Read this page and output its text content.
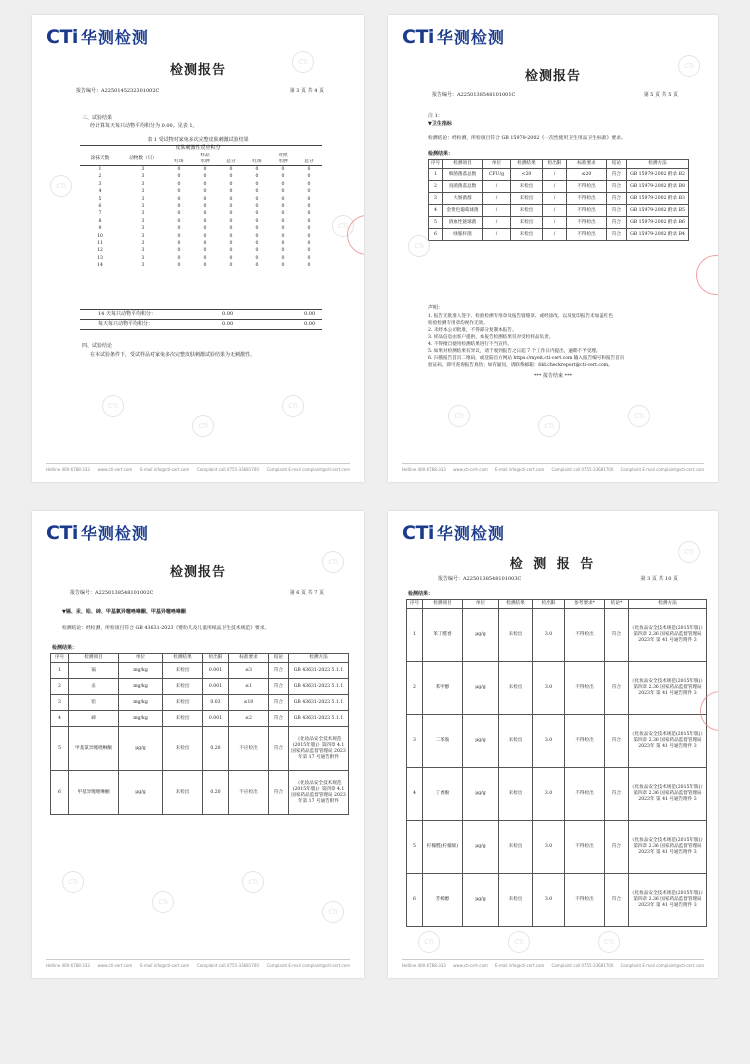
CTi 华测检测
检测报告
报告编号：A2250145232301002C	第 3 页 共 4 页
三、试验结果
经计算每天每只动物平均积分为 0.00。见表 1。
表 1 受试物对家兔多次完整皮肤刺激试验结果
皮肤刺激性反应积分
涂抹天数	动物数（只）	样品			对照		
		红斑	水肿	总分	红斑	水肿	总分
1	3	0	0	0	0	0	0
2	3	0	0	0	0	0	0
3	3	0	0	0	0	0	0
4	3	0	0	0	0	0	0
5	3	0	0	0	0	0	0
6	3	0	0	0	0	0	0
7	3	0	0	0	0	0	0
8	3	0	0	0	0	0	0
9	3	0	0	0	0	0	0
10	3	0	0	0	0	0	0
11	3	0	0	0	0	0	0
12	3	0	0	0	0	0	0
13	3	0	0	0	0	0	0
14	3	0	0	0	0	0	0
14 天每只动物平均积分：	0.00	0.00
每天每只动物平均积分：	0.00	0.00
四、试验结论
在本试验条件下，受试样品对家兔多次完整皮肤刺激试验结果为无刺激性。
CTI
CTI
CTI
CTI
CTI
CTI
Hotline 400-6788-333 www.cti-cert.com E-mail info@cti-cert.com Complaint call 0755-33681700 Complaint E-mail complaint@cti-cert.com
CTi 华测检测
检测报告
报告编号：A2250138548101001C	第 5 页 共 5 页
注 1：
▼卫生指标
检测结论：经检测，所检项目符合 GB 15979-2002《一次性使用卫生用品卫生标准》要求。
检测结果：
序号	检测项目	单位	检测结果	检出限	标准要求	结论	检测方法
1	细菌菌落总数	CFU/g	<20	/	≤20	符合	GB 15979-2002 附录 B2
2	真菌菌落总数	/	未检出	/	不得检出	符合	GB 15979-2002 附录 B8
3	大肠菌群	/	未检出	/	不得检出	符合	GB 15979-2002 附录 B3
4	金黄色葡萄球菌	/	未检出	/	不得检出	符合	GB 15979-2002 附录 B5
5	溶血性链球菌	/	未检出	/	不得检出	符合	GB 15979-2002 附录 B6
6	绿脓杆菌	/	未检出	/	不得检出	符合	GB 15979-2002 附录 B4
声明：
1. 报告无批准人签字、检验检测专用章及报告骑缝章、或经涂改，以及复印报告未加盖红色
检验检测专用章均视作无效。
2. 未经本公司批准，不得部分复制本报告。
3. 样品信息由客户提供，本报告检测结果仅对受检样品负责。
4. 不得擅自使用检测结果进行不当宣传。
5. 如果对检测结果有异议，请于收到报告之日起 7 个工作日内提出，逾期不予受理。
6. 扫描报告首页二维码，或登陆官方网站 https://myeit.cti-cert.com 输入报告编号和报告首页
验证码，即可查询报告真伪；如有疑问，请联系邮箱：fdd.checkreport@cti-cert.com。
*** 报告结束 ***
CTI
CTI
CTI
CTI
CTI
Hotline 400-6788-333 www.cti-cert.com E-mail info@cti-cert.com Complaint call 0755-33681700 Complaint E-mail complaint@cti-cert.com
CTi 华测检测
检测报告
报告编号：A2250138548101002C	第 6 页 共 7 页
▼镉、汞、铅、砷、甲基氯异噻唑啉酮、甲基异噻唑啉酮
检测结论：经检测，所检项目符合 GB 43631-2023《婴幼儿及儿童用纸品卫生技术规范》要求。
检测结果：
序号	检测项目	单位	检测结果	检出限	标准要求	结论	检测方法
1	镉	mg/kg	未检出	0.001	≤3	符合	GB 43631-2023 5.1.1
2	汞	mg/kg	未检出	0.001	≤1	符合	GB 43631-2023 5.1.1
3	铅	mg/kg	未检出	0.03	≤10	符合	GB 43631-2023 5.1.1
4	砷	mg/kg	未检出	0.001	≤2	符合	GB 43631-2023 5.1.1
5	甲基氯异噻唑啉酮	μg/g	未检出	0.20	不应检出	符合	《化妆品安全技术规范(2015年版)》第四章 4.1 国家药品监督管理局 2023 年第 17 号通告附件
6	甲基异噻唑啉酮	μg/g	未检出	0.20	不应检出	符合	《化妆品安全技术规范(2015年版)》第四章 4.1 国家药品监督管理局 2023 年第 17 号通告附件
CTI
CTI
CTI
CTI
CTI
Hotline 400-6788-333 www.cti-cert.com E-mail info@cti-cert.com Complaint call 0755-33681700 Complaint E-mail complaint@cti-cert.com
CTi 华测检测
检 测 报 告
报告编号：A2250138548101003C	第 3 页 共 10 页
检测结果：
序号	检测项目	单位	检测结果	检出限	参考要求*	结论*	检测方法
1	苯丁醛香	μg/g	未检出	3.0	不得检出	符合	《化妆品安全技术规范(2015年版)》第四章 2.36 国家药品监督管理局 2023年 第 41 号通告附件 3
2	苯甲醇	μg/g	未检出	3.0	不得检出	符合	《化妆品安全技术规范(2015年版)》第四章 2.36 国家药品监督管理局 2023年 第 41 号通告附件 3
3	二苯胺	μg/g	未检出	3.0	不得检出	符合	《化妆品安全技术规范(2015年版)》第四章 2.36 国家药品监督管理局 2023年 第 41 号通告附件 3
4	丁香酚	μg/g	未检出	3.0	不得检出	符合	《化妆品安全技术规范(2015年版)》第四章 2.36 国家药品监督管理局 2023年 第 41 号通告附件 3
5	柠檬醛(柠檬烯)	μg/g	未检出	3.0	不得检出	符合	《化妆品安全技术规范(2015年版)》第四章 2.36 国家药品监督管理局 2023年 第 41 号通告附件 3
6	芳樟醇	μg/g	未检出	3.0	不得检出	符合	《化妆品安全技术规范(2015年版)》第四章 2.36 国家药品监督管理局 2023年 第 41 号通告附件 3
CTI
CTI	CTI	CTI
Hotline 400-6788-333 www.cti-cert.com E-mail info@cti-cert.com Complaint call 0755-33681700 Complaint E-mail complaint@cti-cert.com
